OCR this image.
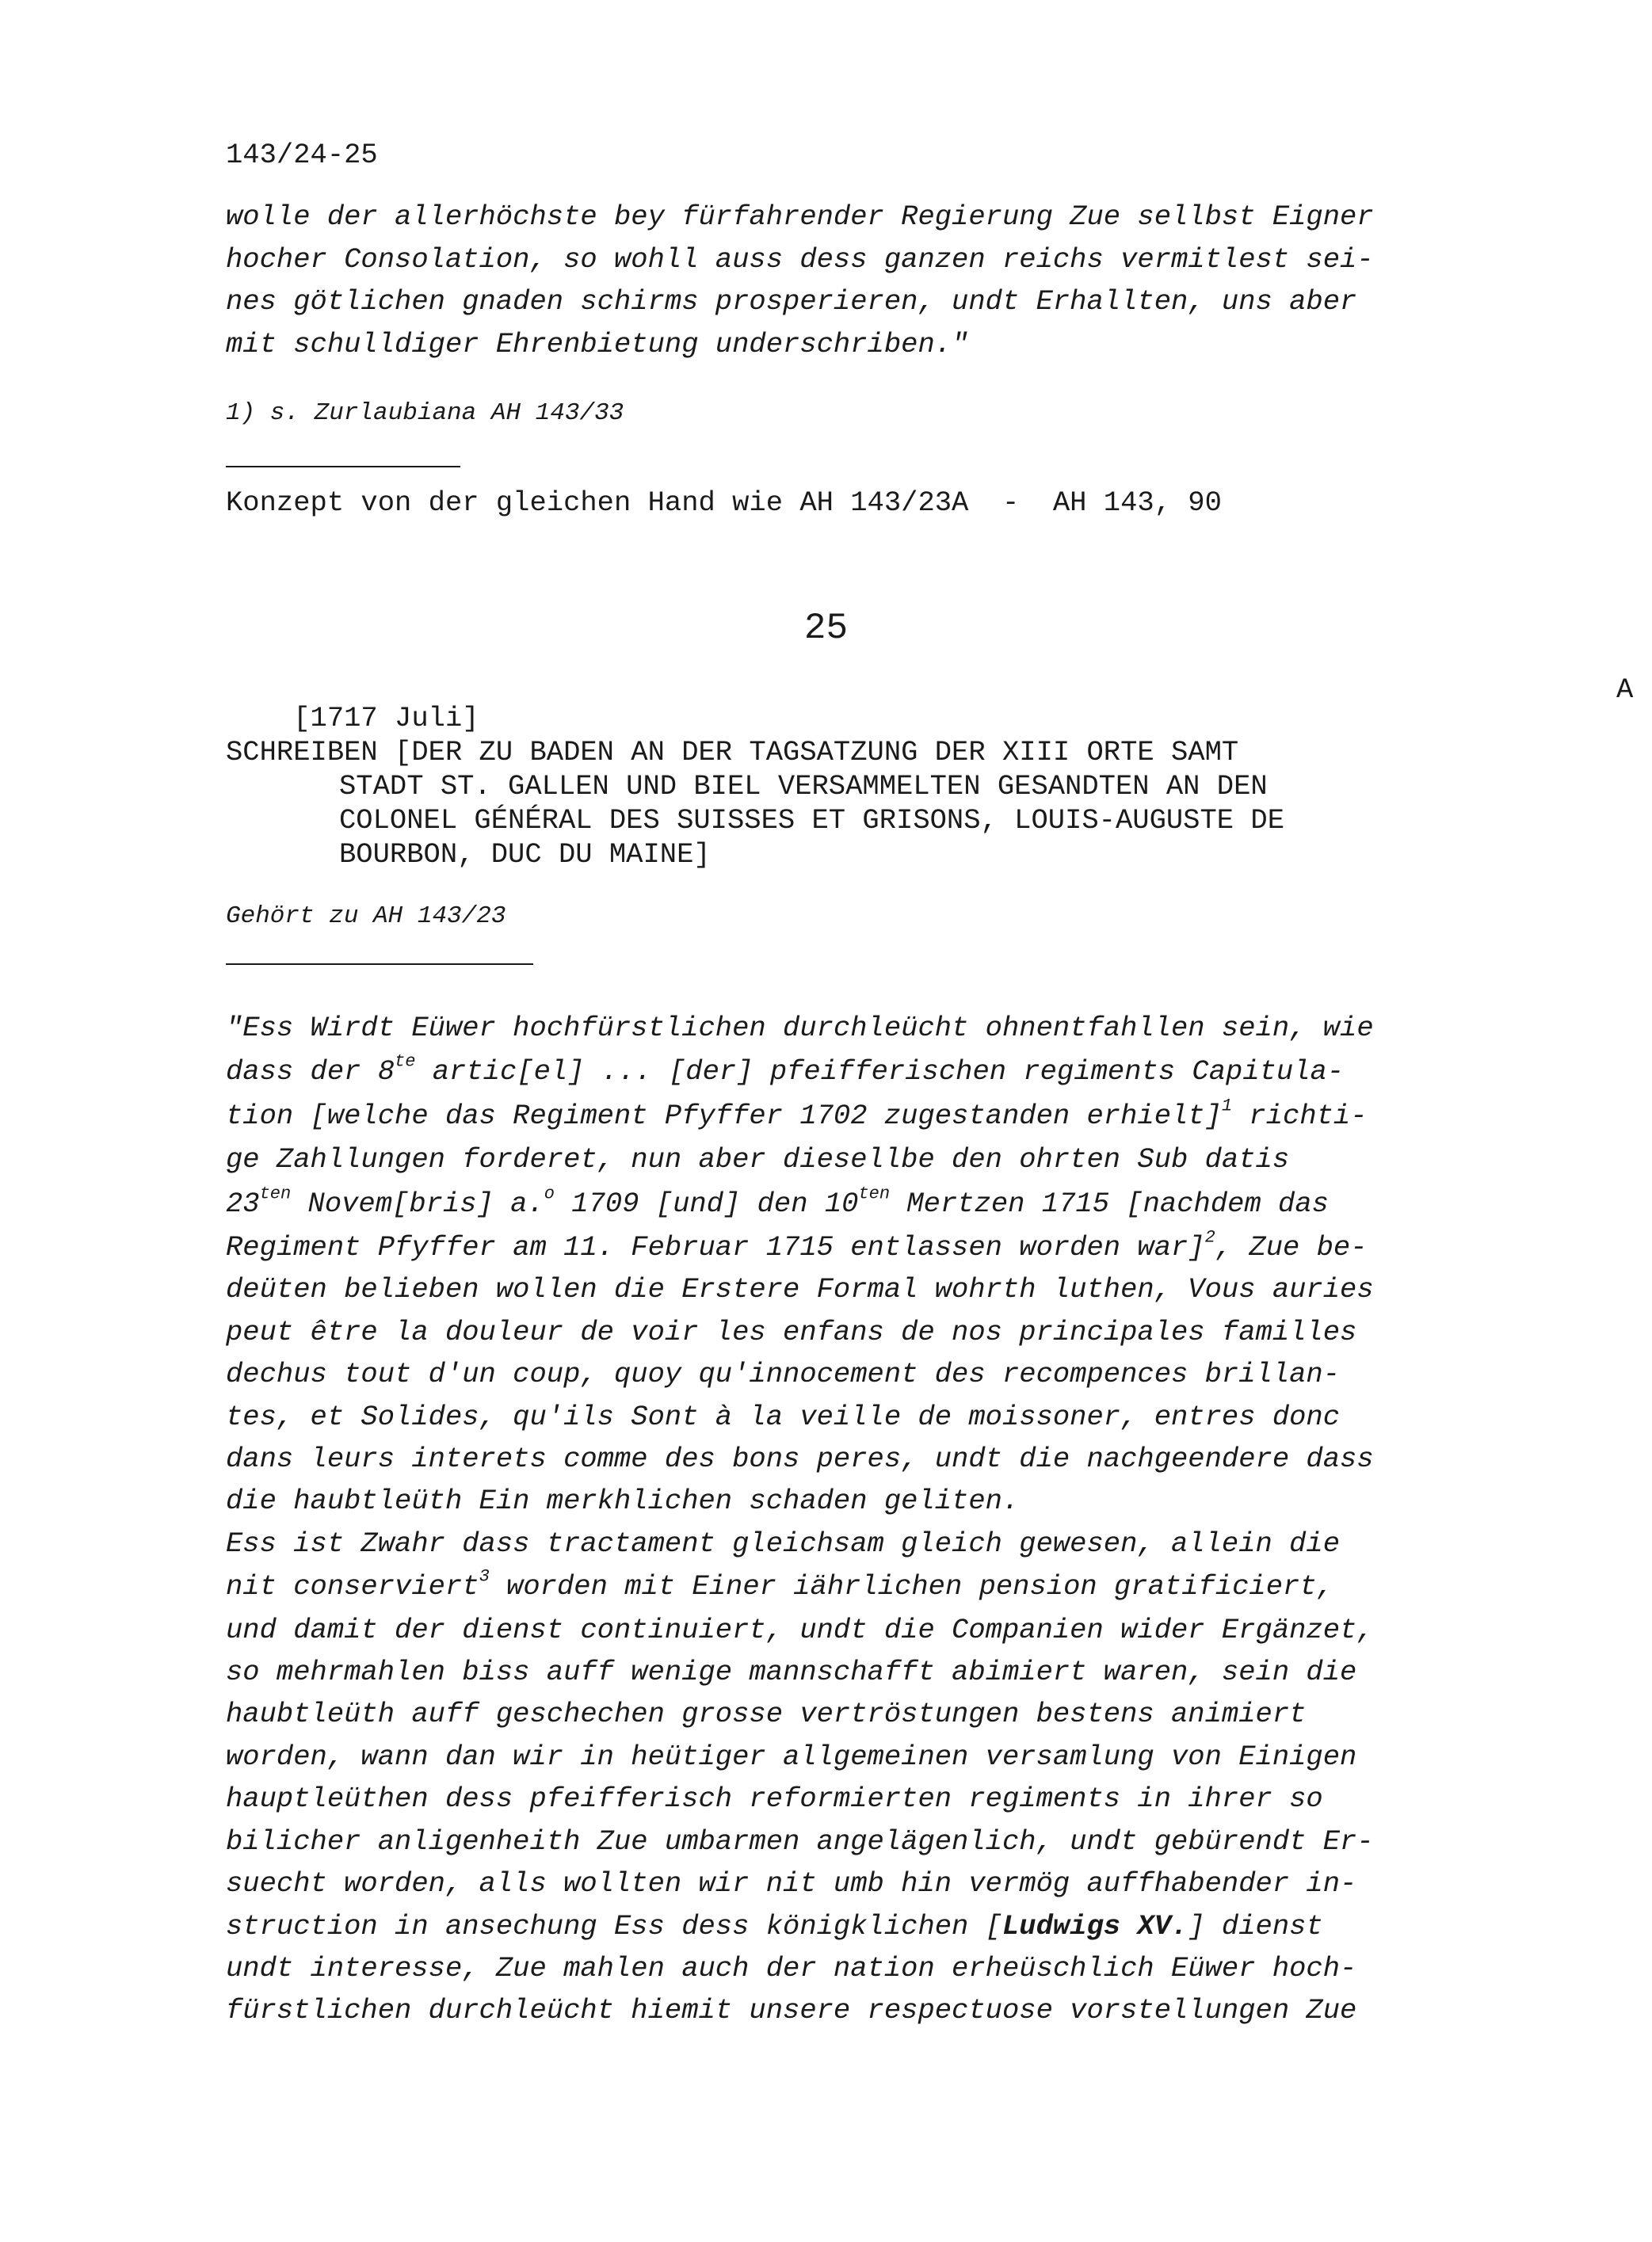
143/24-25
wolle der allerhöchste bey fürfahrender Regierung Zue sellbst Eigner
hocher Consolation, so wohll auss dess ganzen reichs vermitlest sei-
nes götlichen gnaden schirms prosperieren, undt Erhallten, uns aber
mit schulldiger Ehrenbietung underschriben."
1) s. Zurlaubiana AH 143/33
Konzept von der gleichen Hand wie AH 143/23A  -  AH 143, 90
25

[1717 Juli]

A

SCHREIBEN [DER ZU BADEN AN DER TAGSATZUNG DER XIII ORTE SAMT
STADT ST. GALLEN UND BIEL VERSAMMELTEN GESANDTEN AN DEN
COLONEL GÉNÉRAL DES SUISSES ET GRISONS, LOUIS-AUGUSTE DE
BOURBON, DUC DU MAINE]
Gehört zu AH 143/23
"Ess Wirdt Eüwer hochfürstlichen durchleücht ohnentfahllen sein, wie
dass der $8^{te}$ artic[el] ... [der] pfeifferischen regiments Capitula-
tion [welche das Regiment Pfyffer 1702 zugestanden erhielt]$^1$ richti-
ge Zahllungen forderet, nun aber diesellbe den ohrten Sub datis
$23^{ten}$ Novem[bris] a.$^o$ 1709 [und] den $10^{ten}$ Mertzen 1715 [nachdem das
Regiment Pfyffer am 11. Februar 1715 entlassen worden war]$^2$, Zue be-
deüten belieben wollen die Erstere Formal wohrth luthen, Vous auries
peut être la douleur de voir les enfans de nos principales familles
dechus tout d'un coup, quoy qu'innocement des recompences brillan-
tes, et Solides, qu'ils Sont à la veille de moissoner, entres donc
dans leurs interets comme des bons peres, undt die nachgeendere dass
die haubtleüth Ein merkhlichen schaden geliten.
Ess ist Zwahr dass tractament gleichsam gleich gewesen, allein die
nit conserviert$^3$ worden mit Einer iährlichen pension gratificiert,
und damit der dienst continuiert, undt die Companien wider Ergänzet,
so mehrmahlen biss auff wenige mannschafft abimiert waren, sein die
haubtleüth auff geschechen grosse vertröstungen bestens animiert
worden, wann dan wir in heütiger allgemeinen versamlung von Einigen
hauptleüthen dess pfeifferisch reformierten regiments in ihrer so
bilicher anligenheith Zue umbarmen angelägenlich, undt gebürendt Er-
suecht worden, alls wollten wir nit umb hin vermög auffhabender in-
struction in ansechung Ess dess königklichen [Ludwigs XV.] dienst
undt interesse, Zue mahlen auch der nation erheüschlich Eüwer hoch-
fürstlichen durchleücht hiemit unsere respectuose vorstellungen Zue
